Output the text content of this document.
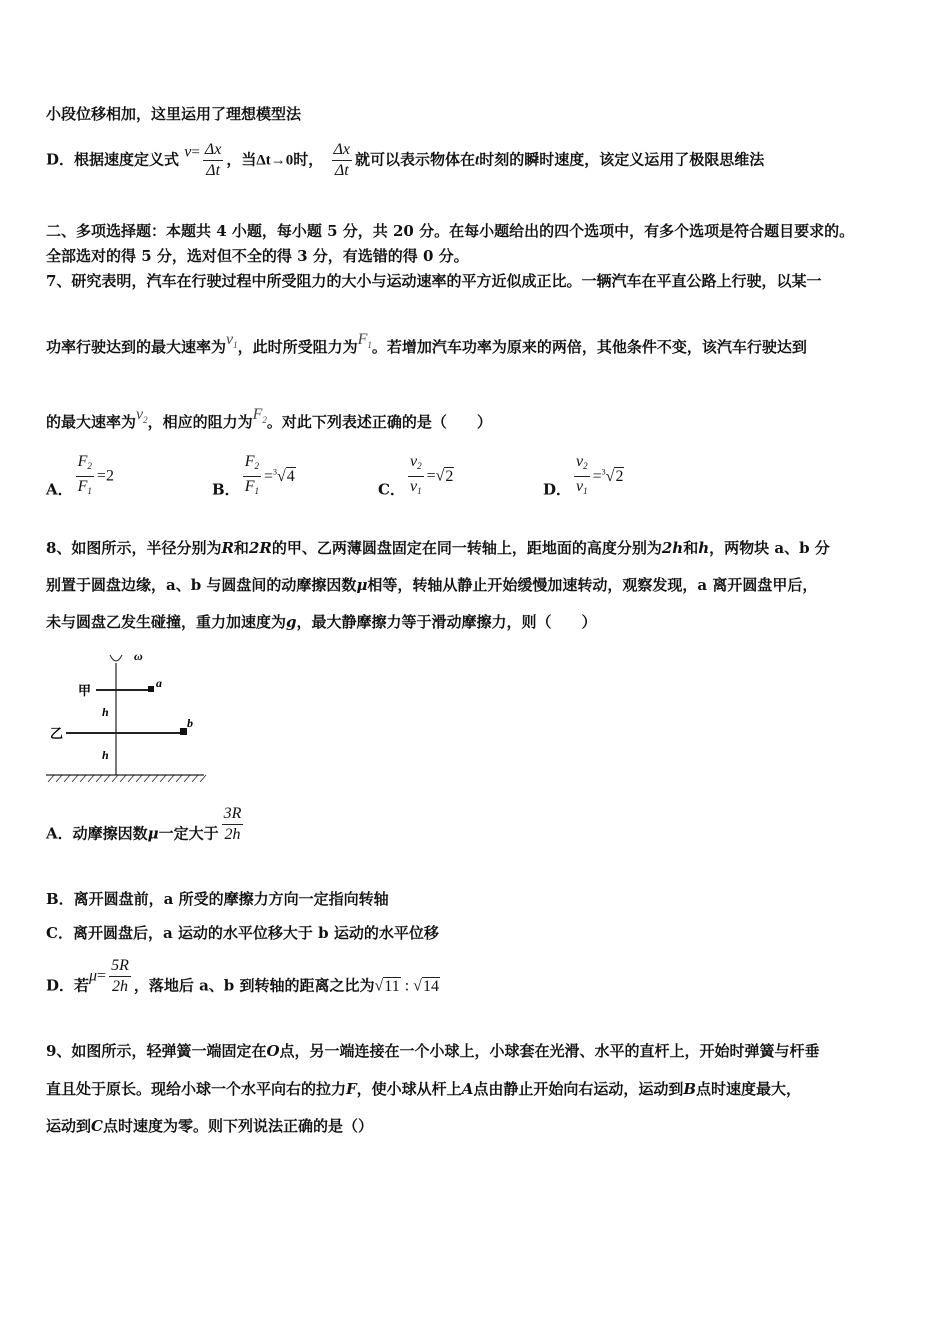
小段位移相加，这里运用了理想模型法
D．根据速度定义式 $v= \frac{\Delta x}{\Delta t}$ ，当Δt→0时， $\frac{\Delta x}{\Delta t}$ 就可以表示物体在t时刻的瞬时速度，该定义运用了极限思维法
二、多项选择题：本题共 4 小题，每小题 5 分，共 20 分。在每小题给出的四个选项中，有多个选项是符合题目要求的。
全部选对的得 5 分，选对但不全的得 3 分，有选错的得 0 分。
7、研究表明，汽车在行驶过程中所受阻力的大小与运动速率的平方近似成正比。一辆汽车在平直公路上行驶，以某一
功率行驶达到的最大速率为$v^1$，此时所受阻力为$F^1$。若增加汽车功率为原来的两倍，其他条件不变，该汽车行驶达到
的最大速率为$v^2$，相应的阻力为$F^2$。对此下列表述正确的是（　　）
A． $\frac{F_2}{F_1} =2$
B． $\frac{F_2}{F_1} =^3√4$
C． $\frac{v_2}{v_1} =√2$
D． $\frac{v_2}{v_1} =^3√2$
8、如图所示，半径分别为R和2R的甲、乙两薄圆盘固定在同一转轴上，距地面的高度分别为2h和h，两物块 a、b 分
别置于圆盘边缘，a、b 与圆盘间的动摩擦因数μ相等，转轴从静止开始缓慢加速转动，观察发现，a 离开圆盘甲后，
未与圆盘乙发生碰撞，重力加速度为g，最大静摩擦力等于滑动摩擦力，则（　　）
ω
a
甲
b
乙
h
h
A．动摩擦因数μ一定大于 $\frac{3R}{2h}$
B．离开圆盘前，a 所受的摩擦力方向一定指向转轴
C．离开圆盘后，a 运动的水平位移大于 b 运动的水平位移
D．若$\mu= \frac{5R}{2h}$ ，落地后 a、b 到转轴的距离之比为√11 : √14
9、如图所示，轻弹簧一端固定在O点，另一端连接在一个小球上，小球套在光滑、水平的直杆上，开始时弹簧与杆垂
直且处于原长。现给小球一个水平向右的拉力F，使小球从杆上A点由静止开始向右运动，运动到B点时速度最大，
运动到C点时速度为零。则下列说法正确的是（）
